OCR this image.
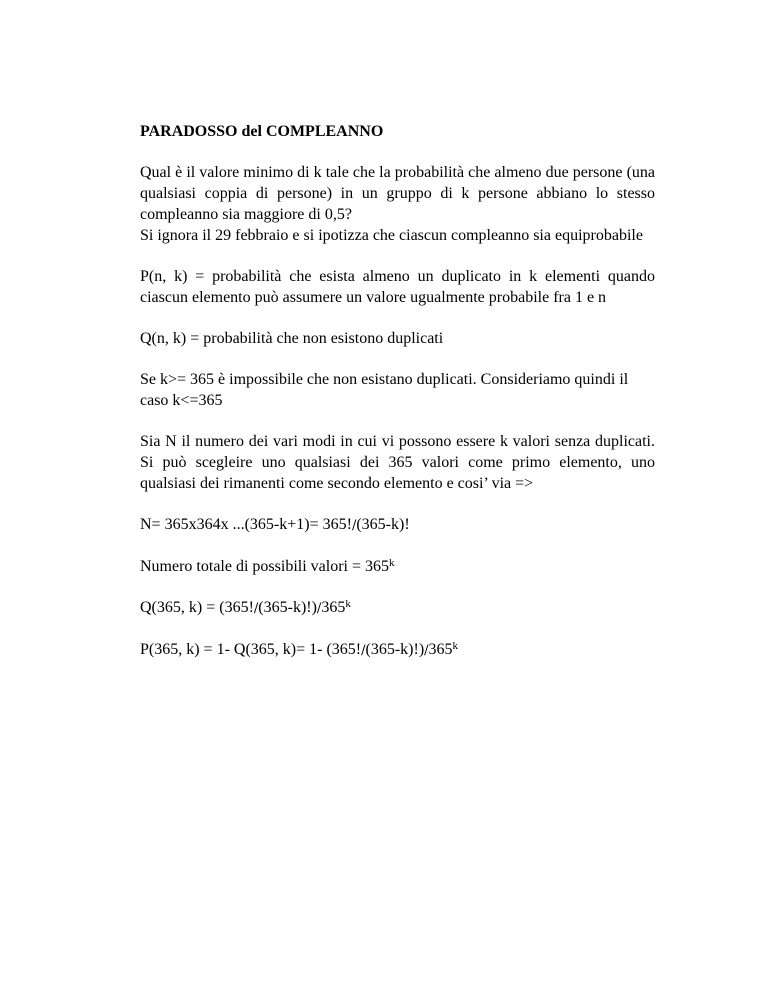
PARADOSSO del COMPLEANNO

Qual è il valore minimo di k tale che la probabilità che almeno due persone (una qualsiasi coppia di persone) in un gruppo di k persone abbiano lo stesso compleanno sia maggiore di 0,5?

Si ignora il 29 febbraio e si ipotizza che ciascun compleanno sia equiprobabile

P(n, k) = probabilità che esista almeno un duplicato in k elementi quando ciascun elemento può assumere un valore ugualmente probabile fra 1 e n

Q(n, k) = probabilità che non esistono duplicati

Se k>= 365 è impossibile che non esistano duplicati. Consideriamo quindi il caso k<=365

Sia N il numero dei vari modi in cui vi possono essere k valori senza duplicati. Si può scegleire uno qualsiasi dei 365 valori come primo elemento, uno qualsiasi dei rimanenti come secondo elemento e cosi’ via =>

N= 365x364x ...(365-k+1)= 365!∕(365-k)!

Numero totale di possibili valori = $365^k$

Q(365, $k) = (365!∕(365-k)!)∕365^k$

P(365, k) = 1- Q(365, k)= 1- (365!∕(365-k)!)∕365$^k$
